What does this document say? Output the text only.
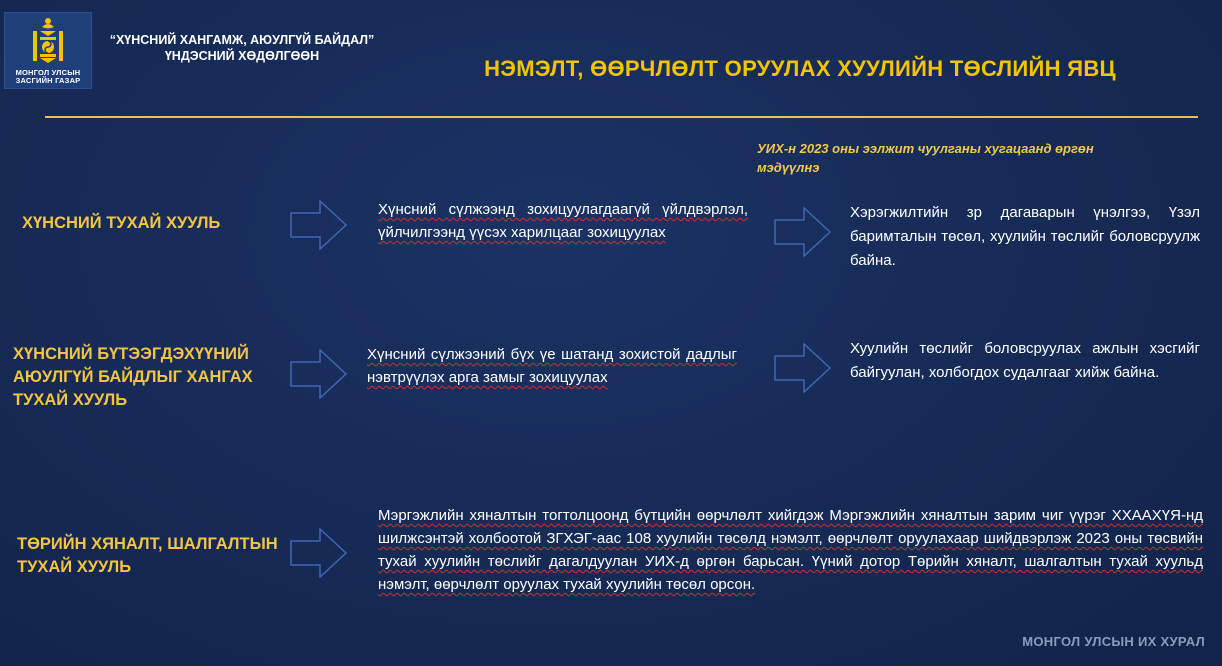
МОНГОЛ УЛСЫН
ЗАСГИЙН ГАЗАР
“ХҮНСНИЙ ХАНГАМЖ, АЮУЛГҮЙ БАЙДАЛ”
ҮНДЭСНИЙ ХӨДӨЛГӨӨН	НЭМЭЛТ, ӨӨРЧЛӨЛТ ОРУУЛАХ ХУУЛИЙН ТӨСЛИЙН ЯВЦ
УИХ-н 2023 оны ээлжит чуулганы хугацаанд өргөн мэдүүлнэ
ХҮНСНИЙ ТУХАЙ ХУУЛЬ
Хүнсний сүлжээнд зохицуулагдаагүй үйлдвэрлэл, үйлчилгээнд үүсэх харилцааг зохицуулах
Хэрэгжилтийн зр дагаварын үнэлгээ, Үзэл баримталын төсөл, хуулийн төслийг боловсруулж байна.
ХҮНСНИЙ БҮТЭЭГДЭХҮҮНИЙ АЮУЛГҮЙ БАЙДЛЫГ ХАНГАХ ТУХАЙ ХУУЛЬ
Хүнсний сүлжээний бүх үе шатанд зохистой дадлыг нэвтрүүлэх арга замыг зохицуулах
Хуулийн төслийг боловсруулах ажлын хэсгийг байгуулан, холбогдох судалгааг хийж байна.
ТӨРИЙН ХЯНАЛТ, ШАЛГАЛТЫН ТУХАЙ ХУУЛЬ
Мэргэжлийн хяналтын тогтолцоонд бүтцийн өөрчлөлт хийгдэж Мэргэжлийн хяналтын зарим чиг үүрэг ХХААХҮЯ-нд шилжсэнтэй холбоотой ЗГХЭГ-аас 108 хуулийн төсөлд нэмэлт, өөрчлөлт оруулахаар шийдвэрлэж 2023 оны төсвийн тухай хуулийн төслийг дагалдуулан УИХ-д өргөн барьсан. Үүний дотор Төрийн хяналт, шалгалтын тухай хуульд нэмэлт, өөрчлөлт оруулах тухай хуулийн төсөл орсон.
МОНГОЛ УЛСЫН ИХ ХУРАЛ
